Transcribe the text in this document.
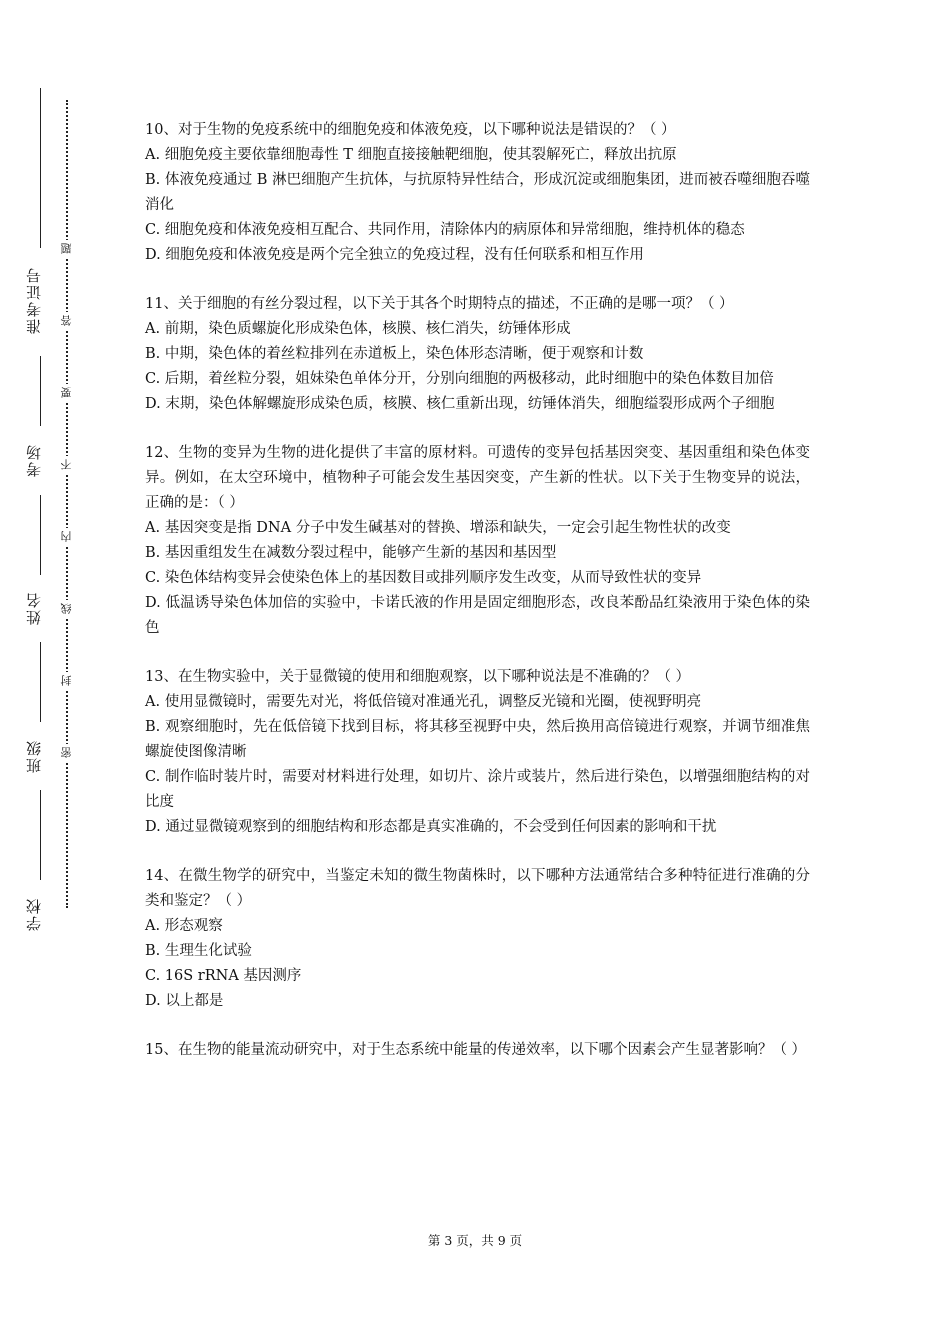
准考证号
考场
姓名
班级
学校
题
答
要
不
内
线
封
密

10、对于生物的免疫系统中的细胞免疫和体液免疫，以下哪种说法是错误的？（ ）

A. 细胞免疫主要依靠细胞毒性 T 细胞直接接触靶细胞，使其裂解死亡，释放出抗原

B. 体液免疫通过 B 淋巴细胞产生抗体，与抗原特异性结合，形成沉淀或细胞集团，进而被吞噬细胞吞噬消化

C. 细胞免疫和体液免疫相互配合、共同作用，清除体内的病原体和异常细胞，维持机体的稳态

D. 细胞免疫和体液免疫是两个完全独立的免疫过程，没有任何联系和相互作用

11、关于细胞的有丝分裂过程，以下关于其各个时期特点的描述，不正确的是哪一项？（ ）

A. 前期，染色质螺旋化形成染色体，核膜、核仁消失，纺锤体形成

B. 中期，染色体的着丝粒排列在赤道板上，染色体形态清晰，便于观察和计数

C. 后期，着丝粒分裂，姐妹染色单体分开，分别向细胞的两极移动，此时细胞中的染色体数目加倍

D. 末期，染色体解螺旋形成染色质，核膜、核仁重新出现，纺锤体消失，细胞缢裂形成两个子细胞

12、生物的变异为生物的进化提供了丰富的原材料。可遗传的变异包括基因突变、基因重组和染色体变异。例如，在太空环境中，植物种子可能会发生基因突变，产生新的性状。以下关于生物变异的说法，正确的是：（ ）

A. 基因突变是指 DNA 分子中发生碱基对的替换、增添和缺失，一定会引起生物性状的改变

B. 基因重组发生在减数分裂过程中，能够产生新的基因和基因型

C. 染色体结构变异会使染色体上的基因数目或排列顺序发生改变，从而导致性状的变异

D. 低温诱导染色体加倍的实验中，卡诺氏液的作用是固定细胞形态，改良苯酚品红染液用于染色体的染色

13、在生物实验中，关于显微镜的使用和细胞观察，以下哪种说法是不准确的？（ ）

A. 使用显微镜时，需要先对光，将低倍镜对准通光孔，调整反光镜和光圈，使视野明亮

B. 观察细胞时，先在低倍镜下找到目标，将其移至视野中央，然后换用高倍镜进行观察，并调节细准焦螺旋使图像清晰

C. 制作临时装片时，需要对材料进行处理，如切片、涂片或装片，然后进行染色，以增强细胞结构的对比度

D. 通过显微镜观察到的细胞结构和形态都是真实准确的，不会受到任何因素的影响和干扰

14、在微生物学的研究中，当鉴定未知的微生物菌株时，以下哪种方法通常结合多种特征进行准确的分类和鉴定？（ ）

A. 形态观察

B. 生理生化试验

C. 16S rRNA 基因测序

D. 以上都是

15、在生物的能量流动研究中，对于生态系统中能量的传递效率，以下哪个因素会产生显著影响？（ ）

第 3 页，共 9 页
